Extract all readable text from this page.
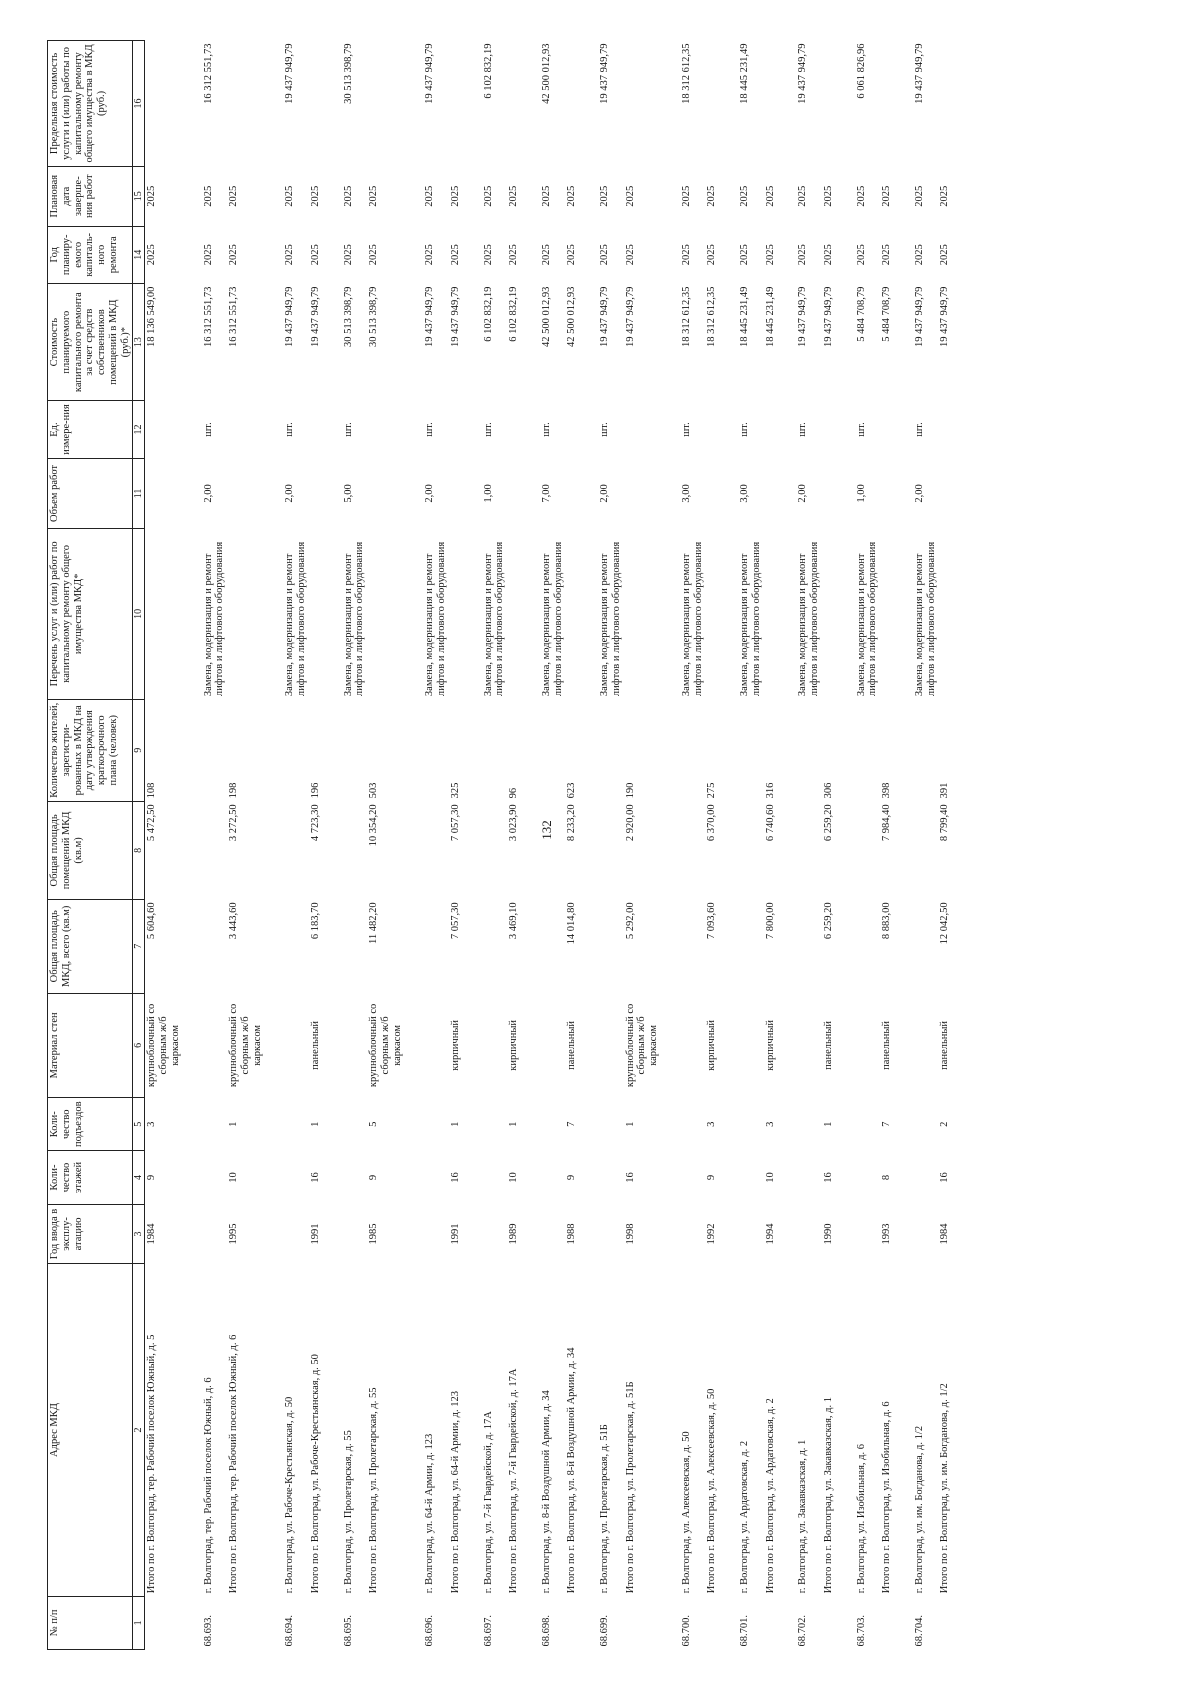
132
№ п/п	Адрес МКД	Год ввода в эксплу-атацию	Коли-чество этажей	Коли-чество подъездов	Материал стен	Общая площадь МКД, всего (кв.м)	Общая площадь помещений МКД (кв.м)	Количество жителей, зарегистри-рованных в МКД на дату утверждения краткосрочного плана (человек)	Перечень услуг и (или) работ по капитальному ремонту общего имущества МКД*	Объем работ	Ед. измере-ния	Стоимость планируемого капитального ремонта за счет средств собственников помещений в МКД (руб.)*	Год планиру-емого капиталь-ного ремонта	Плановая дата заверше-ния работ	Предельная стоимость услуги и (или) работы по капитальному ремонту общего имущества в МКД (руб.)
1	2	3	4	5	6	7	8	9	10	11	12	13	14	15	16
	Итого по г. Волгоград, тер. Рабочий поселок Южный, д. 5	1984	9	3	крупноблочный со сборным ж/б каркасом	5 604,60	5 472,50	108				18 136 549,00	2025	2025	
68.693.	г. Волгоград, тер. Рабочий поселок Южный, д. 6								Замена, модернизация и ремонт лифтов и лифтового оборудования	2,00	шт.	16 312 551,73	2025	2025	16 312 551,73
	Итого по г. Волгоград, тер. Рабочий поселок Южный, д. 6	1995	10	1	крупноблочный со сборным ж/б каркасом	3 443,60	3 272,50	198				16 312 551,73	2025	2025	
68.694.	г. Волгоград, ул. Рабоче-Крестьянская, д. 50								Замена, модернизация и ремонт лифтов и лифтового оборудования	2,00	шт.	19 437 949,79	2025	2025	19 437 949,79
	Итого по г. Волгоград, ул. Рабоче-Крестьянская, д. 50	1991	16	1	панельный	6 183,70	4 723,30	196				19 437 949,79	2025	2025	
68.695.	г. Волгоград, ул. Пролетарская, д. 55								Замена, модернизация и ремонт лифтов и лифтового оборудования	5,00	шт.	30 513 398,79	2025	2025	30 513 398,79
	Итого по г. Волгоград, ул. Пролетарская, д. 55	1985	9	5	крупноблочный со сборным ж/б каркасом	11 482,20	10 354,20	503				30 513 398,79	2025	2025	
68.696.	г. Волгоград, ул. 64-й Армии, д. 123								Замена, модернизация и ремонт лифтов и лифтового оборудования	2,00	шт.	19 437 949,79	2025	2025	19 437 949,79
	Итого по г. Волгоград, ул. 64-й Армии, д. 123	1991	16	1	кирпичный	7 057,30	7 057,30	325				19 437 949,79	2025	2025	
68.697.	г. Волгоград, ул. 7-й Гвардейской, д. 17А								Замена, модернизация и ремонт лифтов и лифтового оборудования	1,00	шт.	6 102 832,19	2025	2025	6 102 832,19
	Итого по г. Волгоград, ул. 7-й Гвардейской, д. 17А	1989	10	1	кирпичный	3 469,10	3 023,90	96				6 102 832,19	2025	2025	
68.698.	г. Волгоград, ул. 8-й Воздушной Армии, д. 34								Замена, модернизация и ремонт лифтов и лифтового оборудования	7,00	шт.	42 500 012,93	2025	2025	42 500 012,93
	Итого по г. Волгоград, ул. 8-й Воздушной Армии, д. 34	1988	9	7	панельный	14 014,80	8 233,20	623				42 500 012,93	2025	2025	
68.699.	г. Волгоград, ул. Пролетарская, д. 51Б								Замена, модернизация и ремонт лифтов и лифтового оборудования	2,00	шт.	19 437 949,79	2025	2025	19 437 949,79
	Итого по г. Волгоград, ул. Пролетарская, д. 51Б	1998	16	1	крупноблочный со сборным ж/б каркасом	5 292,00	2 920,00	190				19 437 949,79	2025	2025	
68.700.	г. Волгоград, ул. Алексеевская, д. 50								Замена, модернизация и ремонт лифтов и лифтового оборудования	3,00	шт.	18 312 612,35	2025	2025	18 312 612,35
	Итого по г. Волгоград, ул. Алексеевская, д. 50	1992	9	3	кирпичный	7 093,60	6 370,00	275				18 312 612,35	2025	2025	
68.701.	г. Волгоград, ул. Ардатовская, д. 2								Замена, модернизация и ремонт лифтов и лифтового оборудования	3,00	шт.	18 445 231,49	2025	2025	18 445 231,49
	Итого по г. Волгоград, ул. Ардатовская, д. 2	1994	10	3	кирпичный	7 800,00	6 740,60	316				18 445 231,49	2025	2025	
68.702.	г. Волгоград, ул. Закавказская, д. 1								Замена, модернизация и ремонт лифтов и лифтового оборудования	2,00	шт.	19 437 949,79	2025	2025	19 437 949,79
	Итого по г. Волгоград, ул. Закавказская, д. 1	1990	16	1	панельный	6 259,20	6 259,20	306				19 437 949,79	2025	2025	
68.703.	г. Волгоград, ул. Изобильная, д. 6								Замена, модернизация и ремонт лифтов и лифтового оборудования	1,00	шт.	5 484 708,79	2025	2025	6 061 826,96
	Итого по г. Волгоград, ул. Изобильная, д. 6	1993	8	7	панельный	8 883,00	7 984,40	398				5 484 708,79	2025	2025	
68.704.	г. Волгоград, ул. им. Богданова, д. 1/2								Замена, модернизация и ремонт лифтов и лифтового оборудования	2,00	шт.	19 437 949,79	2025	2025	19 437 949,79
	Итого по г. Волгоград, ул. им. Богданова, д. 1/2	1984	16	2	панельный	12 042,50	8 799,40	391				19 437 949,79	2025	2025	
